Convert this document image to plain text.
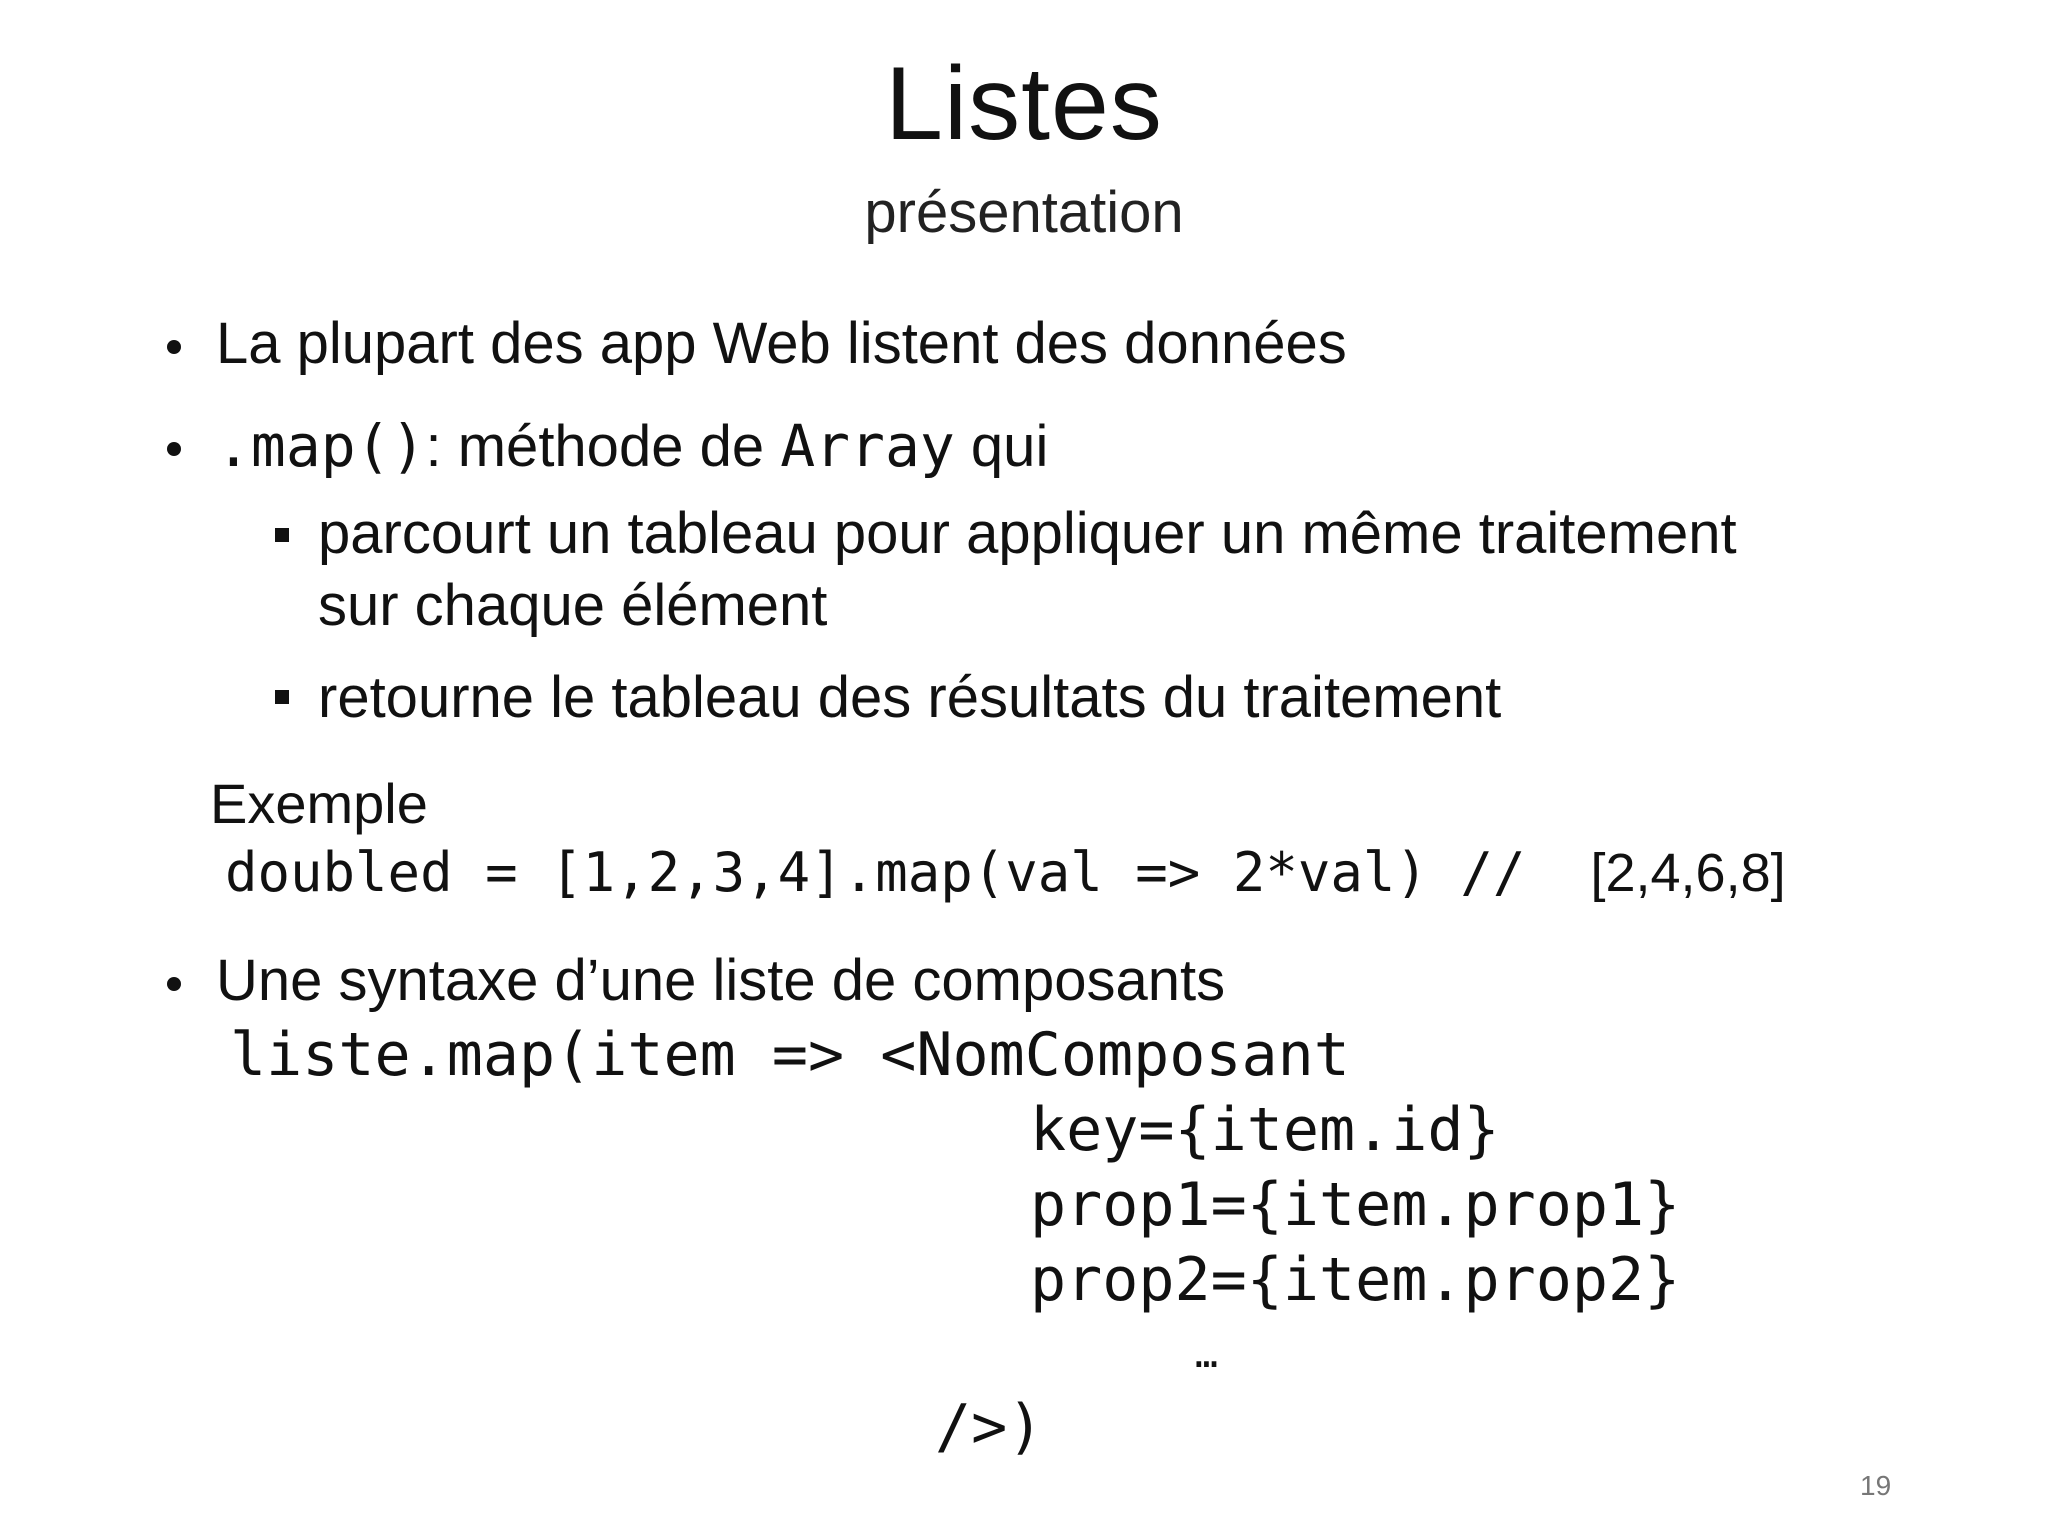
Listes
présentation
La plupart des app Web listent des données
.map(): méthode de Array qui
parcourt un tableau pour appliquer un même traitement
sur chaque élément
retourne le tableau des résultats du traitement
Exemple
doubled = [1,2,3,4].map(val => 2*val) // [2,4,6,8]
Une syntaxe d’une liste de composants
liste.map(item => <NomComposant
key={item.id}
prop1={item.prop1}
prop2={item.prop2}
…
/>)
19
